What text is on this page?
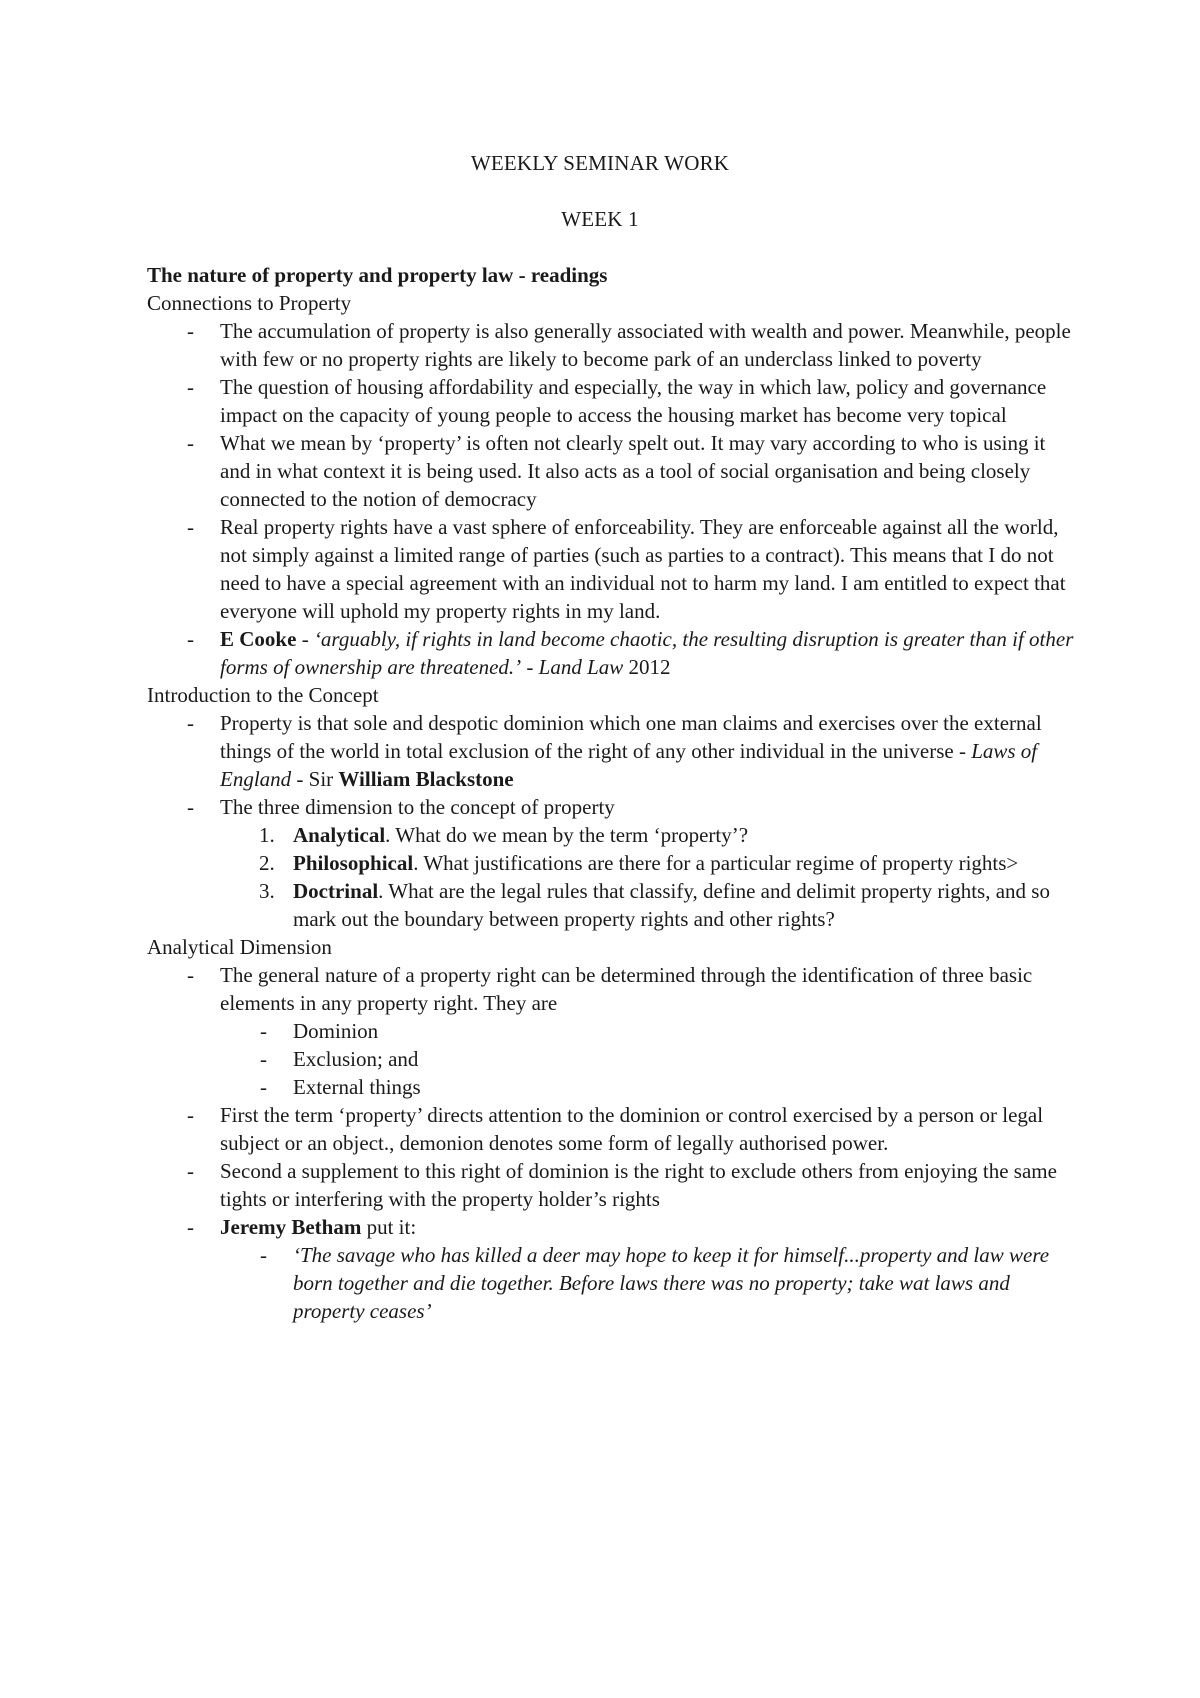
WEEKLY SEMINAR WORK
WEEK 1
The nature of property and property law - readings
Connections to Property
- The accumulation of property is also generally associated with wealth and power. Meanwhile, people with few or no property rights are likely to become park of an underclass linked to poverty
- The question of housing affordability and especially, the way in which law, policy and governance impact on the capacity of young people to access the housing market has become very topical
- What we mean by ‘property’ is often not clearly spelt out. It may vary according to who is using it and in what context it is being used. It also acts as a tool of social organisation and being closely connected to the notion of democracy
- Real property rights have a vast sphere of enforceability. They are enforceable against all the world, not simply against a limited range of parties (such as parties to a contract). This means that I do not need to have a special agreement with an individual not to harm my land. I am entitled to expect that everyone will uphold my property rights in my land.
- E Cooke - ‘arguably, if rights in land become chaotic, the resulting disruption is greater than if other forms of ownership are threatened.’ - Land Law 2012
Introduction to the Concept
- Property is that sole and despotic dominion which one man claims and exercises over the external things of the world in total exclusion of the right of any other individual in the universe - Laws of England - Sir William Blackstone
- The three dimension to the concept of property
1. Analytical. What do we mean by the term ‘property’?
2. Philosophical. What justifications are there for a particular regime of property rights>
3. Doctrinal. What are the legal rules that classify, define and delimit property rights, and so mark out the boundary between property rights and other rights?
Analytical Dimension
- The general nature of a property right can be determined through the identification of three basic elements in any property right. They are
- Dominion
- Exclusion; and
- External things
- First the term ‘property’ directs attention to the dominion or control exercised by a person or legal subject or an object., demonion denotes some form of legally authorised power.
- Second a supplement to this right of dominion is the right to exclude others from enjoying the same tights or interfering with the property holder’s rights
- Jeremy Betham put it:
- ‘The savage who has killed a deer may hope to keep it for himself...property and law were born together and die together. Before laws there was no property; take wat laws and property ceases’
